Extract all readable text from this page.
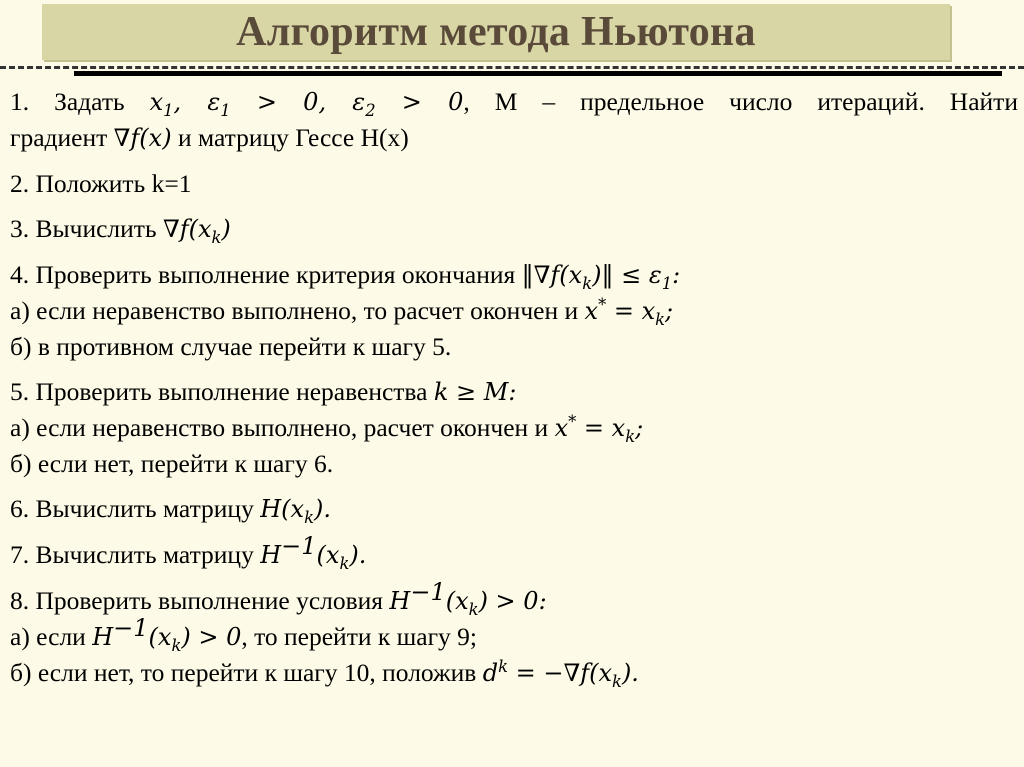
Алгоритм метода Ньютона
1. Задать $x_1$, $\varepsilon_1 > 0$, $\varepsilon_2 > 0$, M – предельное число итераций. Найти
градиент ∇f(x) и матрицу Гессе H(x)
2. Положить k=1
3. Вычислить $\nabla f(x_k)$
4. Проверить выполнение критерия окончания $‖\nabla f(x_k)‖ \le \varepsilon_1$:
а) если неравенство выполнено, то расчет окончен и $x^* = x_k$;
б) в противном случае перейти к шагу 5.
5. Проверить выполнение неравенства k ≥ M:
а) если неравенство выполнено, расчет окончен и $x^* = x_k$;
б) если нет, перейти к шагу 6.
6. Вычислить матрицу $H(x_k)$.
7. Вычислить матрицу $H^{-1}(x_k)$.
8. Проверить выполнение условия $H^{-1}(x_k) > 0$:
а) если $H^{-1}(x_k) > 0$, то перейти к шагу 9;
б) если нет, то перейти к шагу 10, положив $d^k = -\nabla f(x_k)$.
